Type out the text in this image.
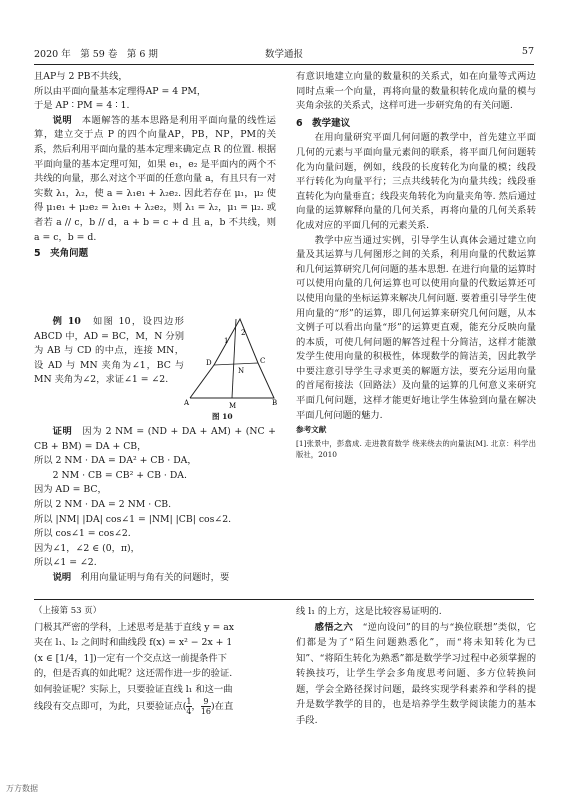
2020 年　第 59 卷　第 6 期	数学通报	57

且AP与 2 PB不共线，

所以由平面向量基本定理得AP = 4 PM，

于是 AP ∶ PM = 4 ∶ 1.

说明　 本题解答的基本思路是利用平面向量的线性运算，建立交于点 P 的四个向量AP，PB，NP，PM的关系，然后利用平面向量的基本定理来确定点 R 的位置. 根据平面向量的基本定理可知，如果 e₁，e₂ 是平面内的两个不共线的向量，那么对这个平面的任意向量 a，有且只有一对实数 λ₁，λ₂，使 a = λ₁e₁ + λ₂e₂. 因此若存在 μ₁，μ₂ 使得 μ₁e₁ + μ₂e₂ = λ₁e₁ + λ₂e₂，则 λ₁ = λ₂，μ₁ = μ₂. 或者若 a // c，b // d，a + b = c + d 且 a，b 不共线，则 a = c，b = d.

5　夹角问题

例 10　 如图 10，设四边形 ABCD 中，AD = BC，M，N 分别为 AB 与 CD 的中点，连接 MN，设 AD 与 MN 夹角为∠1，BC 与 MN 夹角为∠2，求证∠1 = ∠2.

A	B
C
D
M
N
1
2
图 10

证明　 因为 2 NM = (ND + DA + AM) + (NC + CB + BM) = DA + CB，

所以 2 NM · DA = DA² + CB · DA，

2 NM · CB = CB² + CB · DA.

因为 AD = BC，

所以 2 NM · DA = 2 NM · CB.

所以 |NM| |DA| cos∠1 = |NM| |CB| cos∠2.

所以 cos∠1 = cos∠2.

因为∠1，∠2 ∈ (0，π)，

所以∠1 = ∠2.

说明　 利用向量证明与角有关的问题时，要

有意识地建立向量的数量积的关系式，如在向量等式两边同时点乘一个向量，再将向量的数量积转化成向量的模与夹角余弦的关系式，这样可进一步研究角的有关问题.

6　教学建议

在用向量研究平面几何问题的教学中，首先建立平面几何的元素与平面向量元素间的联系，将平面几何问题转化为向量问题，例如，线段的长度转化为向量的模；线段平行转化为向量平行；三点共线转化为向量共线；线段垂直转化为向量垂直；线段夹角转化为向量夹角等. 然后通过向量的运算解释向量的几何关系，再将向量的几何关系转化成对应的平面几何的元素关系.

教学中应当通过实例，引导学生认真体会通过建立向量及其运算与几何图形之间的关系，利用向量的代数运算和几何运算研究几何问题的基本思想. 在进行向量的运算时可以使用向量的几何运算也可以使用向量的代数运算还可以使用向量的坐标运算来解决几何问题. 要着重引导学生使用向量的“形”的运算，即几何运算来研究几何问题，从本文例子可以看出向量“形”的运算更直观，能充分反映向量的本质，可使几何问题的解答过程十分简洁，这样才能激发学生使用向量的积极性，体现数学的简洁美，因此教学中要注意引导学生寻求更美的解题方法，要充分运用向量的首尾衔接法（回路法）及向量的运算的几何意义来研究平面几何问题，这样才能更好地让学生体验到向量在解决平面几何问题的魅力.

参考文献

[1]张景中，彭翕成. 走进教育数学 绕来绕去的向量法[M]. 北京：科学出版社，2010

（上接第 53 页）

门极其严密的学科，上述思考是基于直线 y = ax

夹在 l₁、l₂ 之间时和曲线段 f(x) = x² − 2x + 1

(x ∈ [1/4，1])一定有一个交点这一前提条件下

的，但是否真的如此呢？这还需作进一步的验证.

如何验证呢？实际上，只要验证直线 l₁ 和这一曲

线段有交点即可，为此，只要验证点( $\frac{1}{4}$ ， $\frac{9}{16}$ )在直

线 l₁ 的上方，这是比较容易证明的.

感悟之六　 “逆向设问”的目的与“换位联想”类似，它们都是为了“陌生问题熟悉化”，而“将未知转化为已知”、“将陌生转化为熟悉”都是数学学习过程中必须掌握的转换技巧，让学生学会多角度思考问题、多方位转换问题，学会全路径探讨问题，最终实现学科素养和学科的提升是数学教学的目的，也是培养学生数学阅读能力的基本手段.

万方数据
